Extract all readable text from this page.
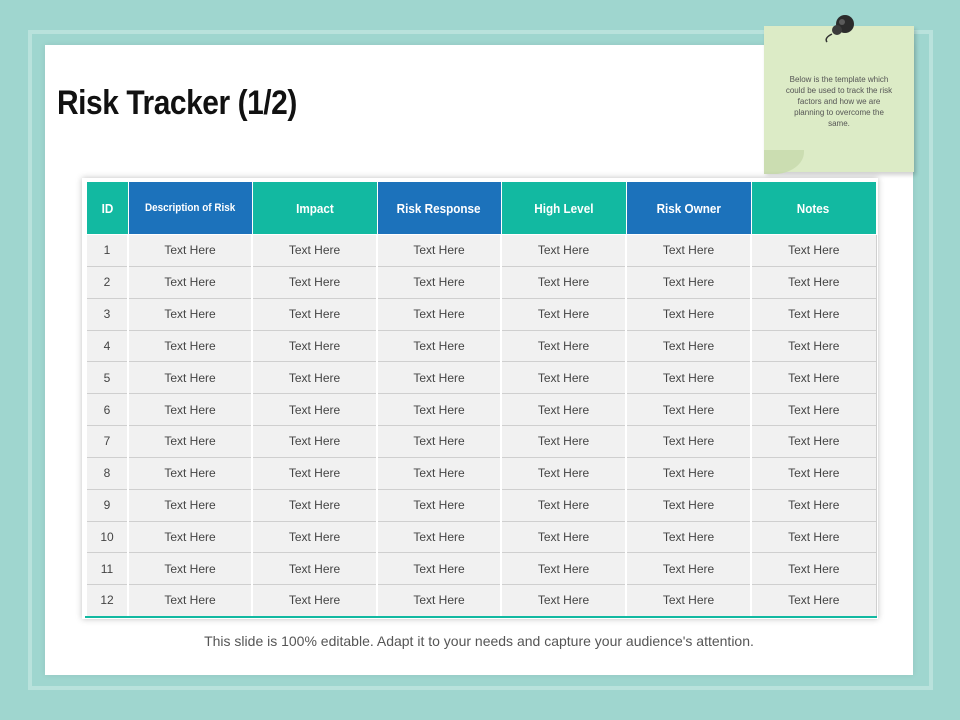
Risk Tracker (1/2)
Below is the template which could be used to track the risk factors and how we are planning to overcome the same.
ID	Description of Risk	Impact	Risk Response	High Level	Risk Owner	Notes
1	Text Here	Text Here	Text Here	Text Here	Text Here	Text Here
2	Text Here	Text Here	Text Here	Text Here	Text Here	Text Here
3	Text Here	Text Here	Text Here	Text Here	Text Here	Text Here
4	Text Here	Text Here	Text Here	Text Here	Text Here	Text Here
5	Text Here	Text Here	Text Here	Text Here	Text Here	Text Here
6	Text Here	Text Here	Text Here	Text Here	Text Here	Text Here
7	Text Here	Text Here	Text Here	Text Here	Text Here	Text Here
8	Text Here	Text Here	Text Here	Text Here	Text Here	Text Here
9	Text Here	Text Here	Text Here	Text Here	Text Here	Text Here
10	Text Here	Text Here	Text Here	Text Here	Text Here	Text Here
11	Text Here	Text Here	Text Here	Text Here	Text Here	Text Here
12	Text Here	Text Here	Text Here	Text Here	Text Here	Text Here
This slide is 100% editable. Adapt it to your needs and capture your audience's attention.
